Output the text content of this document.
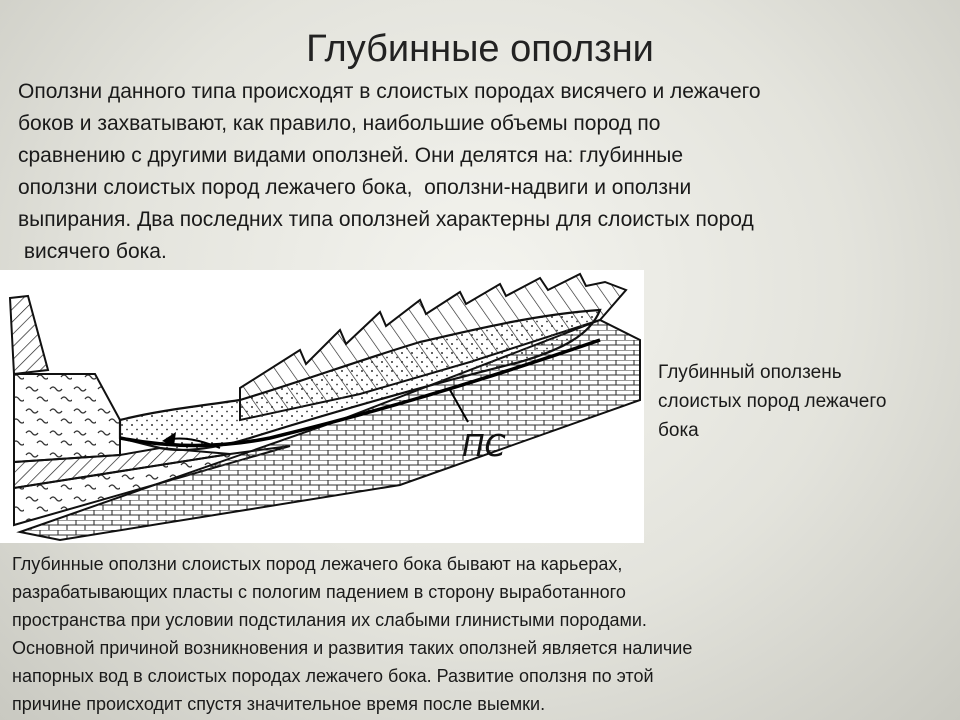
Глубинные оползни
Оползни данного типа происходят в слоистых породах висячего и лежачего
боков и захватывают, как правило, наибольшие объемы пород по
сравнению с другими видами оползней. Они делятся на: глубинные
оползни слоистых пород лежачего бока,  оползни-надвиги и оползни
выпирания. Два последних типа оползней характерны для слоистых пород
висячего бока.
ПС
Глубинный оползень
слоистых пород лежачего
бока
Глубинные оползни слоистых пород лежачего бока бывают на карьерах,
разрабатывающих пласты с пологим падением в сторону выработанного
пространства при условии подстилания их слабыми глинистыми породами.
Основной причиной возникновения и развития таких оползней является наличие
напорных вод в слоистых породах лежачего бока. Развитие оползня по этой
причине происходит спустя значительное время после выемки.
